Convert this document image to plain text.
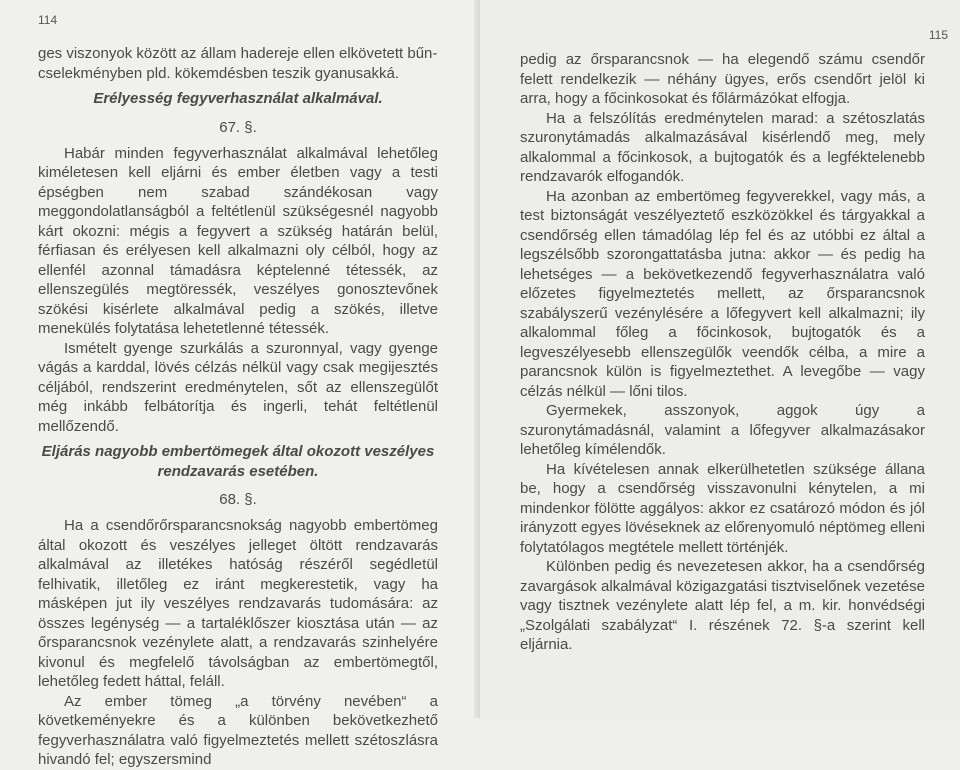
114

ges viszonyok között az állam hadereje ellen elkövetett bűn-

cselekményben pld. kökemdésben teszik gyanusakká.

Erélyesség fegyverhasználat alkalmával.
67. §.

Habár minden fegyverhasználat alkalmával lehetőleg kiméletesen kell eljárni és ember életben vagy a testi épségben nem szabad szándékosan vagy meggondolatlanságból a feltétlenül szükségesnél nagyobb kárt okozni: mégis a fegyvert a szükség határán belül, férfiasan és erélyesen kell alkalmazni oly célból, hogy az ellenfél azonnal támadásra képtelenné tétessék, az ellenszegülés megtöressék, veszélyes gonosztevőnek szökési kisérlete alkalmával pedig a szökés, illetve menekülés folytatása lehetetlenné tétessék.

Ismételt gyenge szurkálás a szuronnyal, vagy gyenge vágás a karddal, lövés célzás nélkül vagy csak megijesztés céljából, rendszerint eredménytelen, sőt az ellenszegülőt még inkább felbátorítja és ingerli, tehát feltétlenül mellőzendő.

Eljárás nagyobb embertömegek által okozott veszélyes rendzavarás esetében.
68. §.

Ha a csendőrőrsparancsnokság nagyobb embertömeg által okozott és veszélyes jelleget öltött rendzavarás alkalmával az illetékes hatóság részéről segédletül felhivatik, illetőleg ez iránt megkerestetik, vagy ha másképen jut ily veszélyes rendzavarás tudomására: az összes legénység — a tartaléklőszer kiosztása után — az őrsparancsnok vezénylete alatt, a rendzavarás szinhelyére kivonul és megfelelő távolságban az embertömegtől, lehetőleg fedett háttal, feláll.

Az ember tömeg „a törvény nevében“ a követkeményekre és a különben bekövetkezhető fegyverhasználatra való figyelmeztetés mellett szétoszlásra hivandó fel; egyszersmind

115

pedig az őrsparancsnok — ha elegendő számu csendőr felett rendelkezik — néhány ügyes, erős csendőrt jelöl ki arra, hogy a főcinkosokat és főlármázókat elfogja.

Ha a felszólítás eredménytelen marad: a szétoszlatás szuronytámadás alkalmazásával kisérlendő meg, mely alkalommal a főcinkosok, a bujtogatók és a legféktelenebb rendzavarók elfogandók.

Ha azonban az embertömeg fegyverekkel, vagy más, a test biztonságát veszélyeztető eszközökkel és tárgyakkal a csendőrség ellen támadólag lép fel és az utóbbi ez által a legszélsőbb szorongattatásba jutna: akkor — és pedig ha lehetséges — a bekövetkezendő fegyverhasználatra való előzetes figyelmeztetés mellett, az őrsparancsnok szabályszerű vezénylésére a lőfegyvert kell alkalmazni; ily alkalommal főleg a főcinkosok, bujtogatók és a legveszélyesebb ellenszegülők veendők célba, a mire a parancsnok külön is figyelmeztethet. A levegőbe — vagy célzás nélkül — lőni tilos.

Gyermekek, asszonyok, aggok úgy a szuronytámadásnál, valamint a lőfegyver alkalmazásakor lehetőleg kímélendők.

Ha kívételesen annak elkerülhetetlen szüksége állana be, hogy a csendőrség visszavonulni kénytelen, a mi mindenkor fölötte aggályos: akkor ez csatározó módon és jól irányzott egyes lövéseknek az előrenyomuló néptömeg elleni folytatólagos megtétele mellett történjék.

Különben pedig és nevezetesen akkor, ha a csendőrség zavargások alkalmával közigazgatási tisztviselőnek vezetése vagy tisztnek vezénylete alatt lép fel, a m. kir. honvédségi „Szolgálati szabályzat“ I. részének 72. §-a szerint kell eljárnia.
